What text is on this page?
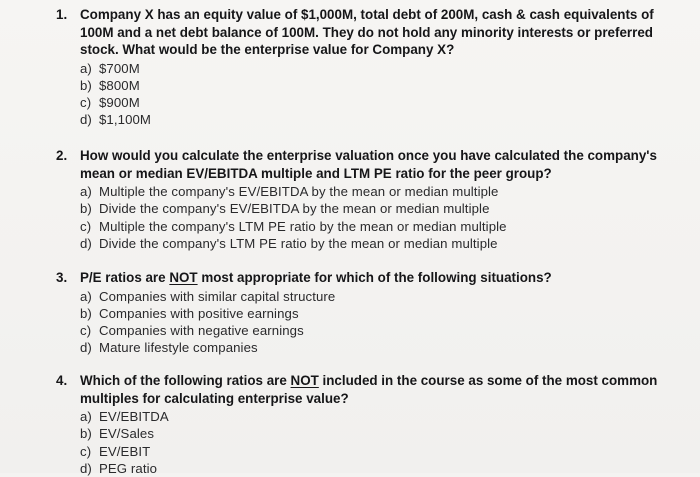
1. Company X has an equity value of $1,000M, total debt of 200M, cash & cash equivalents of 100M and a net debt balance of 100M. They do not hold any minority interests or preferred stock. What would be the enterprise value for Company X?
a) $700M
b) $800M
c) $900M
d) $1,100M
2. How would you calculate the enterprise valuation once you have calculated the company's mean or median EV/EBITDA multiple and LTM PE ratio for the peer group?
a) Multiple the company's EV/EBITDA by the mean or median multiple
b) Divide the company's EV/EBITDA by the mean or median multiple
c) Multiple the company's LTM PE ratio by the mean or median multiple
d) Divide the company's LTM PE ratio by the mean or median multiple
3. P/E ratios are NOT most appropriate for which of the following situations?
a) Companies with similar capital structure
b) Companies with positive earnings
c) Companies with negative earnings
d) Mature lifestyle companies
4. Which of the following ratios are NOT included in the course as some of the most common multiples for calculating enterprise value?
a) EV/EBITDA
b) EV/Sales
c) EV/EBIT
d) PEG ratio
